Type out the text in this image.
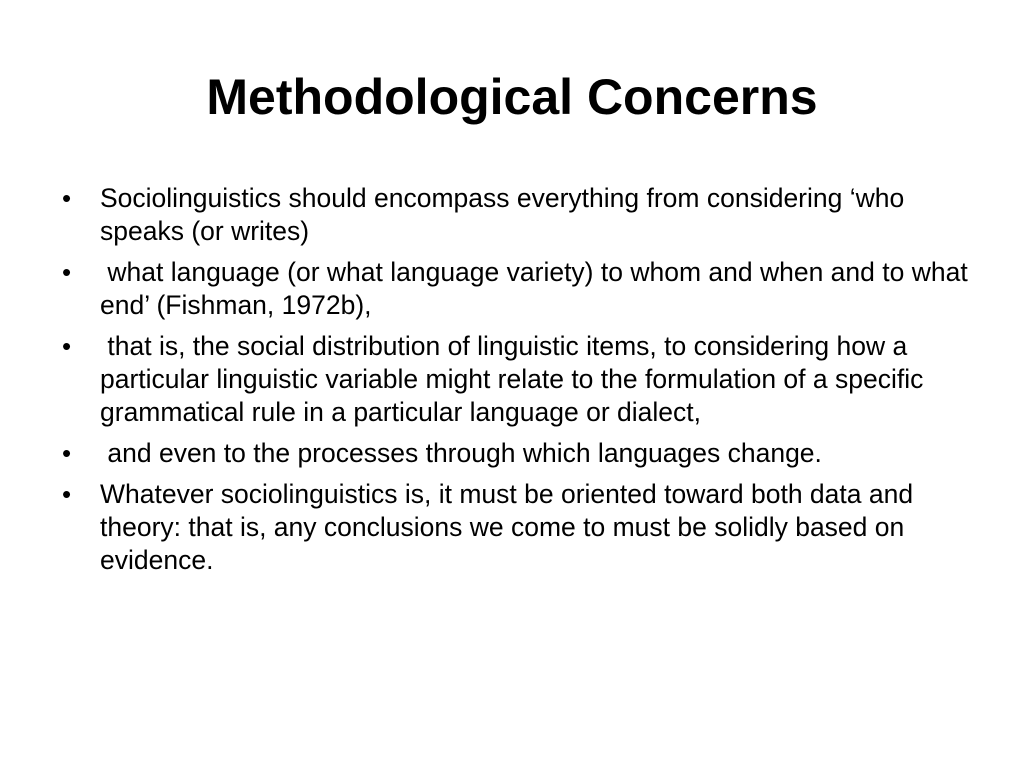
Methodological Concerns
• Sociolinguistics should encompass everything from considering ‘who speaks (or writes)
• what language (or what language variety) to whom and when and to what end’ (Fishman, 1972b),
• that is, the social distribution of linguistic items, to considering how a particular linguistic variable might relate to the formulation of a specific grammatical rule in a particular language or dialect,
• and even to the processes through which languages change.
• Whatever sociolinguistics is, it must be oriented toward both data and theory: that is, any conclusions we come to must be solidly based on evidence.
